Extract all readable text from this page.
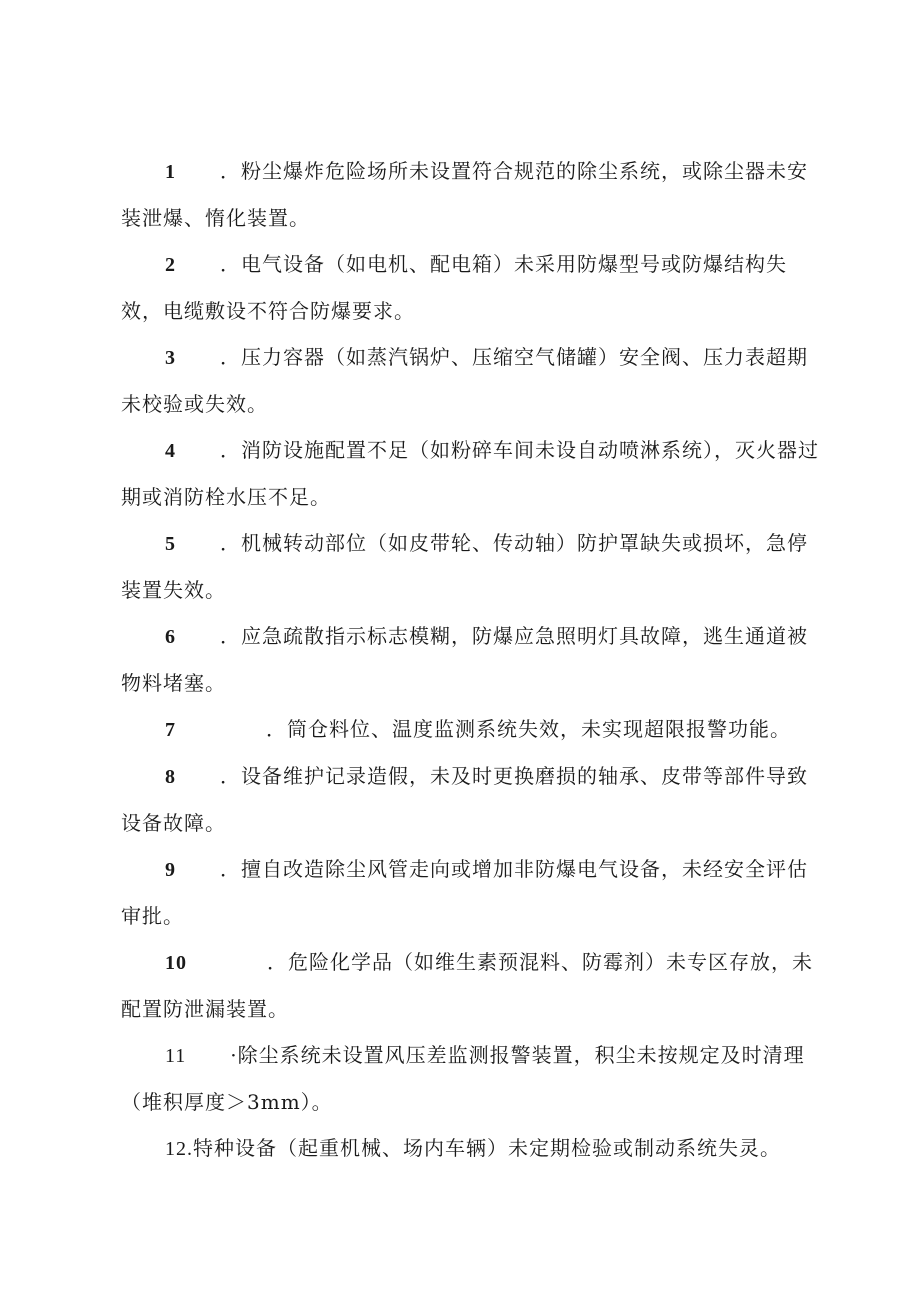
1 ．粉尘爆炸危险场所未设置符合规范的除尘系统，或除尘器未安装泄爆、惰化装置。

2 ．电气设备（如电机、配电箱）未采用防爆型号或防爆结构失效，电缆敷设不符合防爆要求。

3 ．压力容器（如蒸汽锅炉、压缩空气储罐）安全阀、压力表超期未校验或失效。

4 ．消防设施配置不足（如粉碎车间未设自动喷淋系统），灭火器过期或消防栓水压不足。

5 ．机械转动部位（如皮带轮、传动轴）防护罩缺失或损坏，急停装置失效。

6 ．应急疏散指示标志模糊，防爆应急照明灯具故障，逃生通道被物料堵塞。

7	．筒仓料位、温度监测系统失效，未实现超限报警功能。

8 ．设备维护记录造假，未及时更换磨损的轴承、皮带等部件导致设备故障。

9 ．擅自改造除尘风管走向或增加非防爆电气设备，未经安全评估审批。

10	．危险化学品（如维生素预混料、防霉剂）未专区存放，未配置防泄漏装置。

11 ·除尘系统未设置风压差监测报警装置，积尘未按规定及时清理（堆积厚度＞3mm）。

12.特种设备（起重机械、场内车辆）未定期检验或制动系统失灵。
